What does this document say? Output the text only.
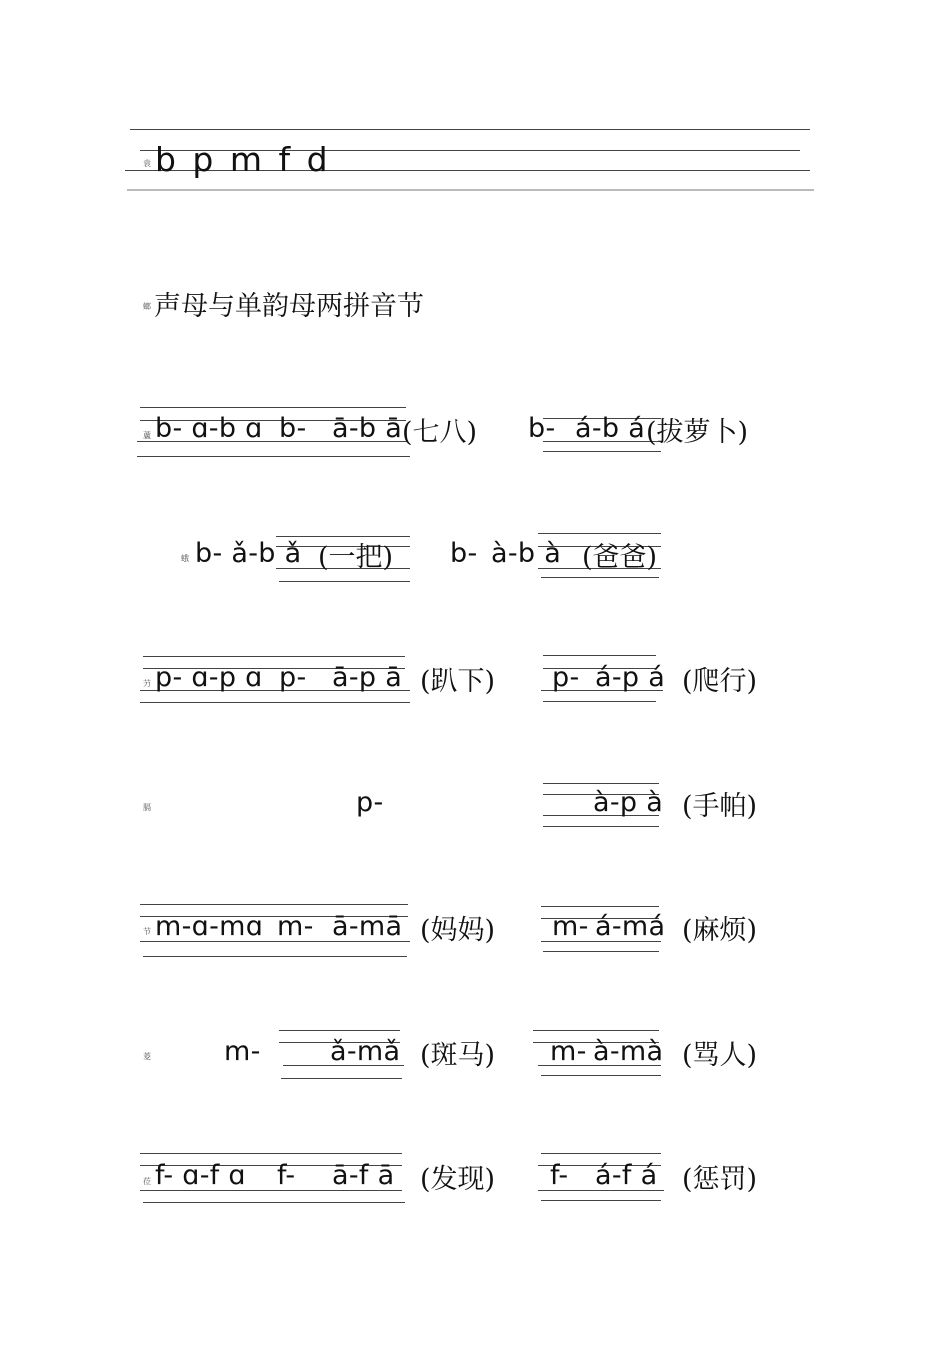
袁 b p m f d
螂 声母与单韵母两拼音节
蘆 b- ɑ-b ɑ b- ā-b ā (七八) b- á-b á (拔萝卜)
蛾 b- ǎ-b ǎ (一把) b- à-b à (爸爸)
芀 p- ɑ-p ɑ p- ā-p ā (趴下) p- á-p á (爬行)
膈	p-	à-p à (手帕)
节 m-ɑ-mɑ m- ā-mā (妈妈) m- á-má (麻烦)
菱	m-	ǎ-mǎ (斑马) m- à-mà (骂人)
莅 f- ɑ-f ɑ f- ā-f ā (发现) f- á-f á (惩罚)
